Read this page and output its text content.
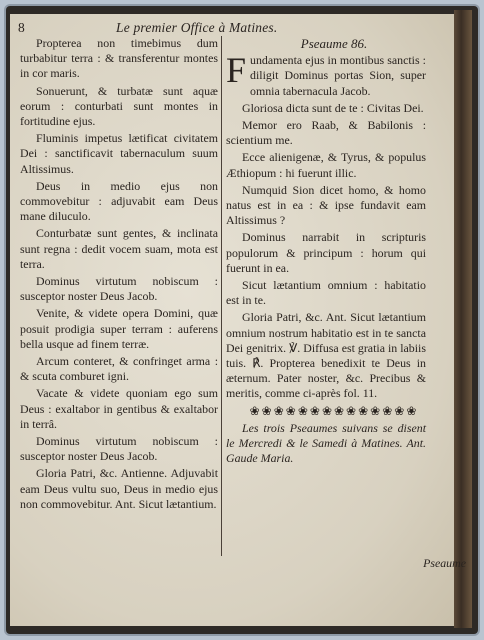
8	Le premier Office à Matines.

Propterea non timebimus dum turbabitur terra : & transferentur montes in cor maris.

Sonuerunt, & turbatæ sunt aquæ eorum : conturbati sunt montes in fortitudine ejus.

Fluminis impetus lætificat civitatem Dei : sanctificavit tabernaculum suum Altissimus.

Deus in medio ejus non commovebitur : adjuvabit eam Deus mane diluculo.

Conturbatæ sunt gentes, & inclinata sunt regna : dedit vocem suam, mota est terra.

Dominus virtutum nobiscum : susceptor noster Deus Jacob.

Venite, & videte opera Domini, quæ posuit prodigia super terram : auferens bella usque ad finem terræ.

Arcum conteret, & confringet arma : & scuta comburet igni.

Vacate & videte quoniam ego sum Deus : exaltabor in gentibus & exaltabor in terrâ.

Dominus virtutum nobiscum : susceptor noster Deus Jacob.

Gloria Patri, &c. Antienne. Adjuvabit eam Deus vultu suo, Deus in medio ejus non commovebitur. Ant. Sicut lætantium.

Pseaume 86.

F undamenta ejus in montibus sanctis : diligit Dominus portas Sion, super omnia tabernacula Jacob.

Gloriosa dicta sunt de te : Civitas Dei.

Memor ero Raab, & Babilonis : scientium me.

Ecce alienigenæ, & Tyrus, & populus Æthiopum : hi fuerunt illic.

Numquid Sion dicet homo, & homo natus est in ea : & ipse fundavit eam Altissimus ?

Dominus narrabit in scripturis populorum & principum : horum qui fuerunt in ea.

Sicut lætantium omnium : habitatio est in te.

Gloria Patri, &c. Ant. Sicut lætantium omnium nostrum habitatio est in te sancta Dei genitrix. ℣. Diffusa est gratia in labiis tuis. ℟. Propterea benedixit te Deus in æternum. Pater noster, &c. Precibus & meritis, comme ci-après fol. 11.

❀❀❀❀❀❀❀❀❀❀❀❀❀❀

Les trois Pseaumes suivans se disent le Mercredi & le Samedi à Matines. Ant. Gaude Maria.

Pseaume
